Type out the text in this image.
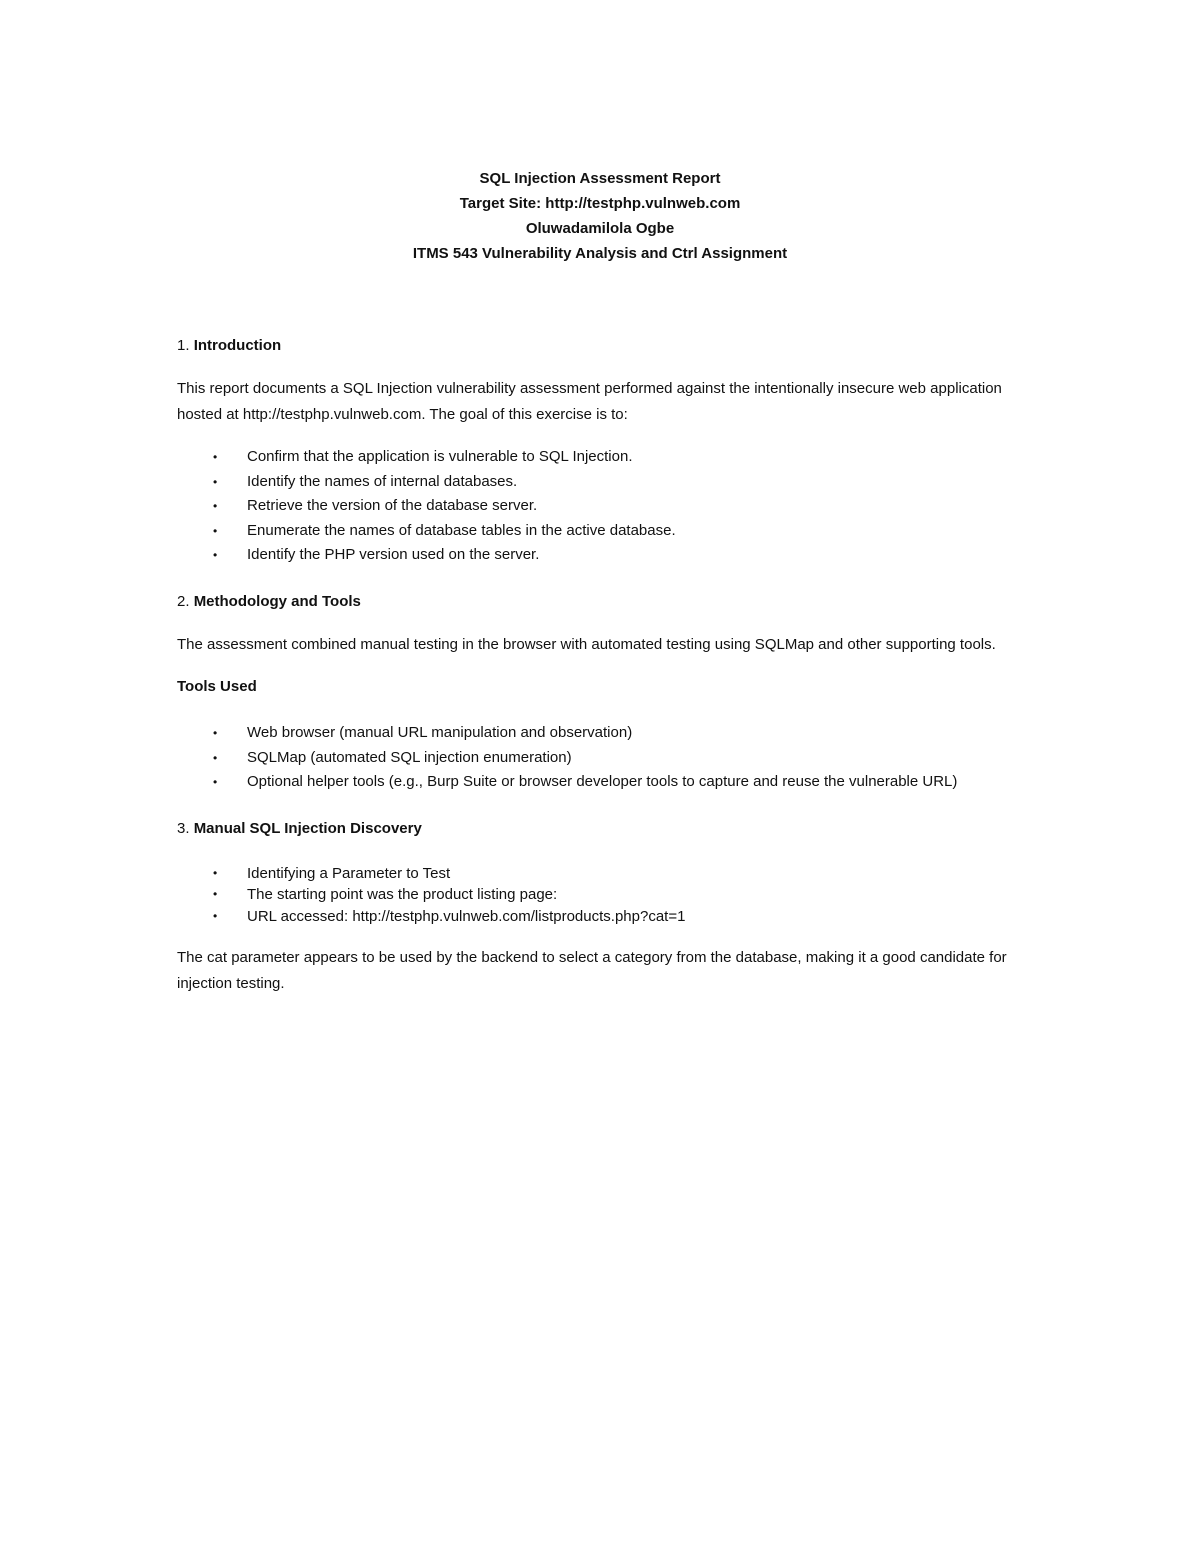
SQL Injection Assessment Report
Target Site: http://testphp.vulnweb.com
Oluwadamilola Ogbe
ITMS 543 Vulnerability Analysis and Ctrl Assignment

1. Introduction

This report documents a SQL Injection vulnerability assessment performed against the intentionally insecure web application hosted at http://testphp.vulnweb.com. The goal of this exercise is to:

• Confirm that the application is vulnerable to SQL Injection.
• Identify the names of internal databases.
• Retrieve the version of the database server.
• Enumerate the names of database tables in the active database.
• Identify the PHP version used on the server.

2. Methodology and Tools

The assessment combined manual testing in the browser with automated testing using SQLMap and other supporting tools.

Tools Used

• Web browser (manual URL manipulation and observation)
• SQLMap (automated SQL injection enumeration)
• Optional helper tools (e.g., Burp Suite or browser developer tools to capture and reuse the vulnerable URL)

3. Manual SQL Injection Discovery

• Identifying a Parameter to Test
• The starting point was the product listing page:
• URL accessed: http://testphp.vulnweb.com/listproducts.php?cat=1

The cat parameter appears to be used by the backend to select a category from the database, making it a good candidate for injection testing.
